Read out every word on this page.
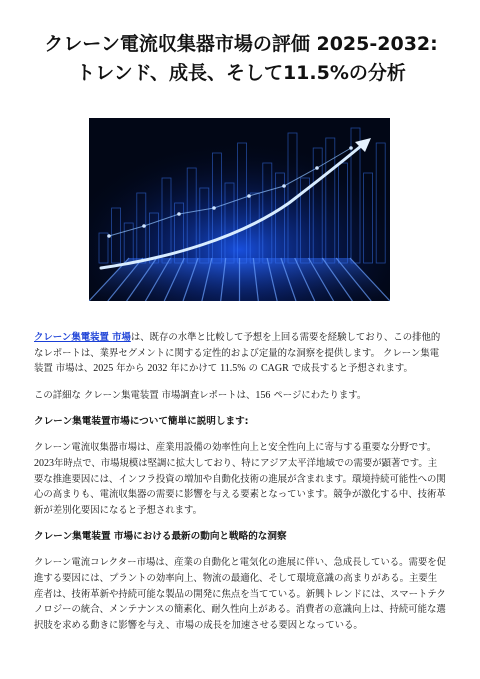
クレーン電流収集器市場の評価 2025-2032: トレンド、成長、そして11.5%の分析

クレーン集電装置 市場は、既存の水準と比較して予想を上回る需要を経験しており、この排他的なレポートは、業界セグメントに関する定性的および定量的な洞察を提供します。 クレーン集電装置 市場は、2025 年から 2032 年にかけて 11.5% の CAGR で成長すると予想されます。

この詳細な クレーン集電装置 市場調査レポートは、156 ページにわたります。

クレーン集電装置市場について簡単に説明します:

クレーン電流収集器市場は、産業用設備の効率性向上と安全性向上に寄与する重要な分野です。2023年時点で、市場規模は堅調に拡大しており、特にアジア太平洋地域での需要が顕著です。主要な推進要因には、インフラ投資の増加や自動化技術の進展が含まれます。環境持続可能性への関心の高まりも、電流収集器の需要に影響を与える要素となっています。競争が激化する中、技術革新が差別化要因になると予想されます。

クレーン集電装置 市場における最新の動向と戦略的な洞察

クレーン電流コレクター市場は、産業の自動化と電気化の進展に伴い、急成長している。需要を促進する要因には、プラントの効率向上、物流の最適化、そして環境意識の高まりがある。主要生産者は、技術革新や持続可能な製品の開発に焦点を当てている。新興トレンドには、スマートテクノロジーの統合、メンテナンスの簡素化、耐久性向上がある。消費者の意識向上は、持続可能な選択肢を求める動きに影響を与え、市場の成長を加速させる要因となっている。
